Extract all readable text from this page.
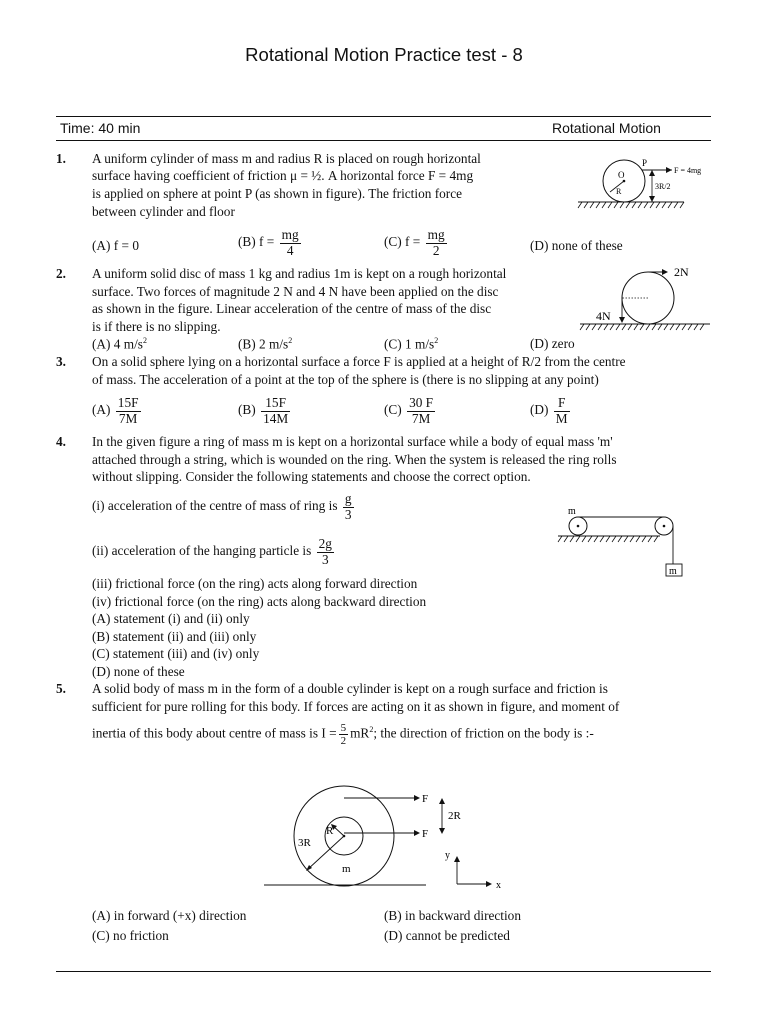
Rotational Motion Practice test - 8
Time: 40 min	Rotational Motion
1. A uniform cylinder of mass m and radius R is placed on rough horizontal
surface having coefficient of friction μ = ½. A horizontal force F = 4mg
is applied on sphere at point P (as shown in figure). The friction force
between cylinder and floor
(A) f = 0	(B) $f = \frac{mg}{4}$	(C) $f = \frac{mg}{2}$	(D) none of these
P
O
R
F = 4mg
3R/2
2. A uniform solid disc of mass 1 kg and radius 1m is kept on a rough horizontal
surface. Two forces of magnitude 2 N and 4 N have been applied on the disc
as shown in the figure. Linear acceleration of the centre of mass of the disc
is if there is no slipping.
(A) 4 $m/s^2$	(B) 2 $m/s^2$	(C) 1 $m/s^2$	(D) zero
2N
4N
3. On a solid sphere lying on a horizontal surface a force F is applied at a height of R/2 from the centre
of mass. The acceleration of a point at the top of the sphere is (there is no slipping at any point)
$(A) \frac{15F}{7M}$	$(B) \frac{15F}{14M}$	$(C) \frac{30 F}{7M}$	$(D) \frac{F}{M}$
4. In the given figure a ring of mass m is kept on a horizontal surface while a body of equal mass 'm'
attached through a string, which is wounded on the ring. When the system is released the ring rolls
without slipping. Consider the following statements and choose the correct option.
(i) acceleration of the centre of mass of ring is $\frac{g}{3}$
(ii) acceleration of the hanging particle is $\frac{2g}{3}$
(iii) frictional force (on the ring) acts along forward direction
(iv) frictional force (on the ring) acts along backward direction
(A) statement (i) and (ii) only
(B) statement (ii) and (iii) only
(C) statement (iii) and (iv) only
(D) none of these
m
m
5. A solid body of mass m in the form of a double cylinder is kept on a rough surface and friction is
sufficient for pure rolling for this body. If forces are acting on it as shown in figure, and moment of
inertia of this body about centre of mass is $I = \frac{5}{2} mR^2$; the direction of friction on the body is :-
F
F
2R
R
3R
m
y
x
(A) in forward (+x) direction	(B) in backward direction
(C) no friction	(D) cannot be predicted
